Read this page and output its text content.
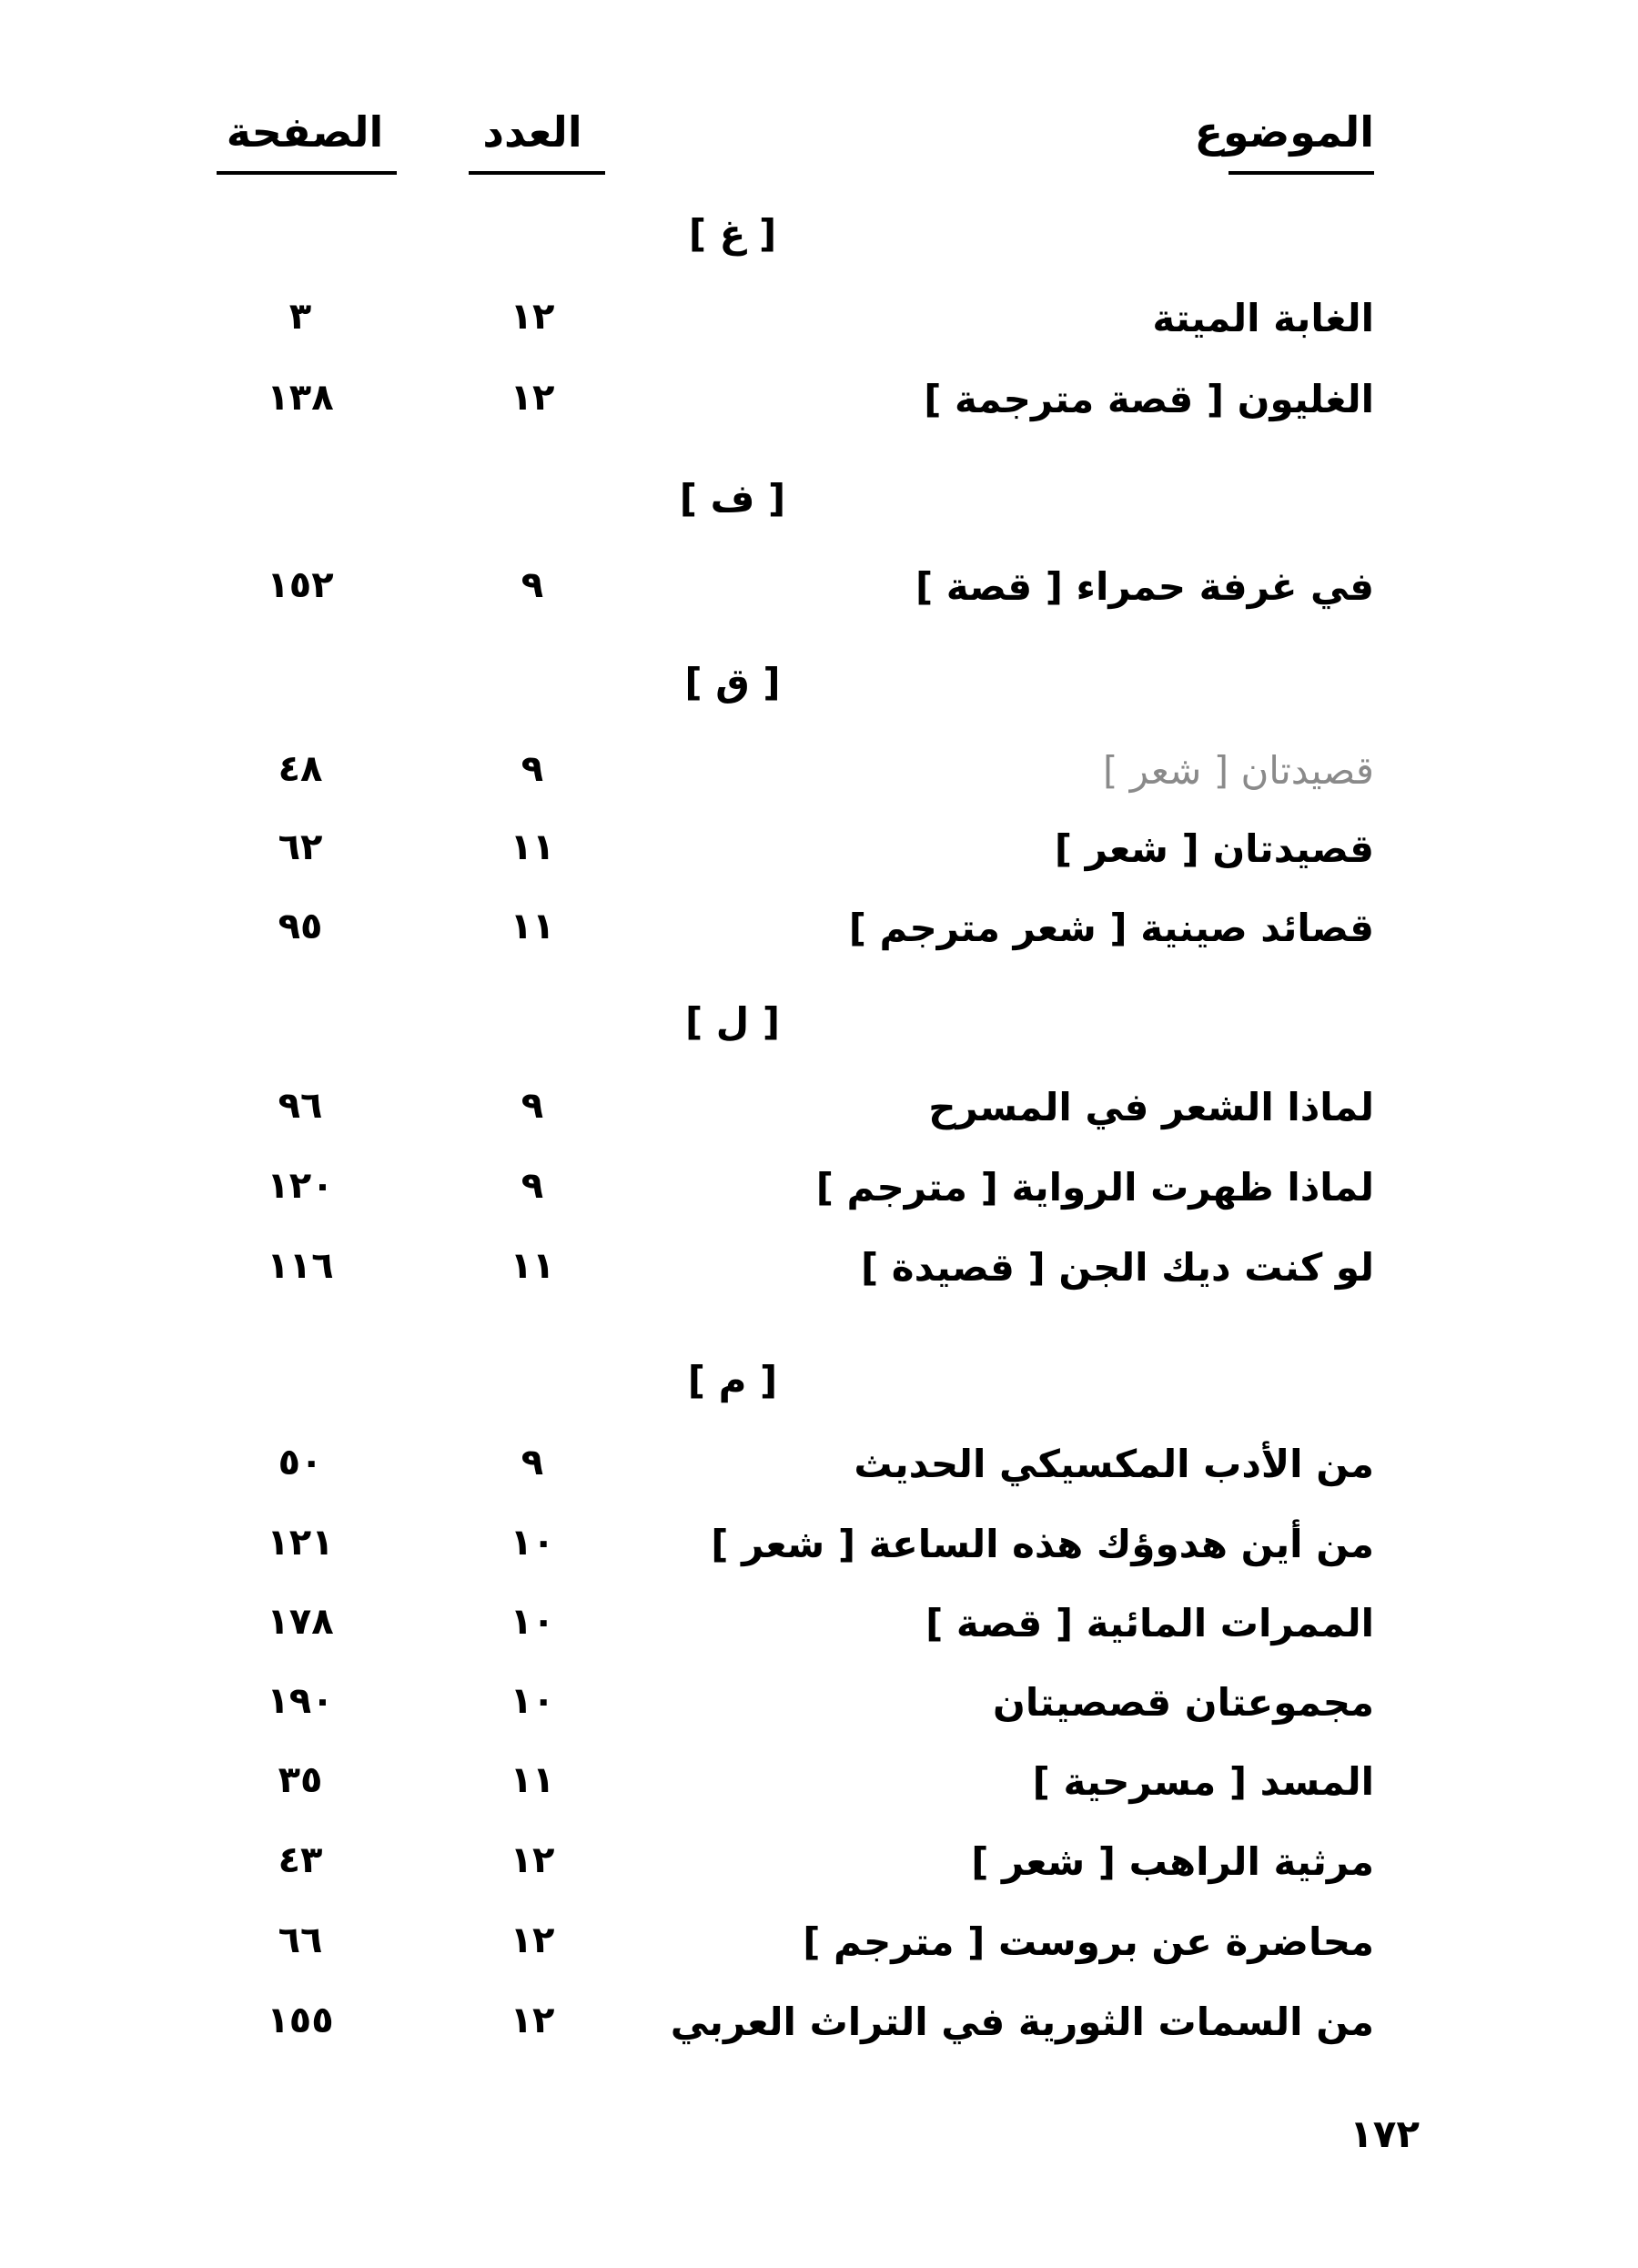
الموضوع
العدد
الصفحة
[ غ ]
الغابة الميتة
١٢
٣
الغليون [ قصة مترجمة ]
١٢
١٣٨
[ ف ]
في غرفة حمراء [ قصة ]
٩
١٥٢
[ ق ]
قصيدتان [ شعر ]
٩
٤٨
قصيدتان [ شعر ]
١١
٦٢
قصائد صينية [ شعر مترجم ]
١١
٩٥
[ ل ]
لماذا الشعر في المسرح
٩
٩٦
لماذا ظهرت الرواية [ مترجم ]
٩
١٢٠
لو كنت ديك الجن [ قصيدة ]
١١
١١٦
[ م ]
من الأدب المكسيكي الحديث
٩
٥٠
من أين هدوؤك هذه الساعة [ شعر ]
١٠
١٢١
الممرات المائية [ قصة ]
١٠
١٧٨
مجموعتان قصصيتان
١٠
١٩٠
المسد [ مسرحية ]
١١
٣٥
مرثية الراهب [ شعر ]
١٢
٤٣
محاضرة عن بروست [ مترجم ]
١٢
٦٦
من السمات الثورية في التراث العربي
١٢
١٥٥
١٧٢
